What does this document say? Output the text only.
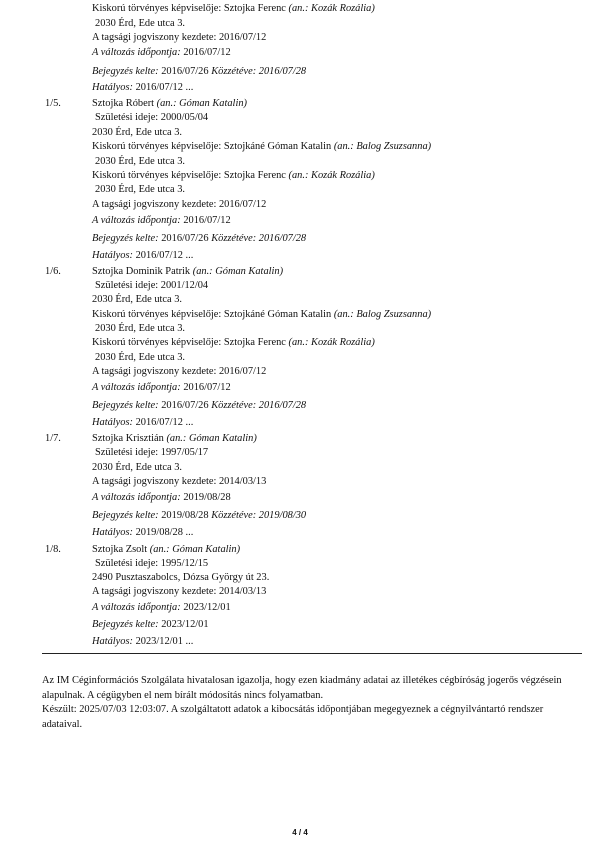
Kiskorú törvényes képviselője: Sztojka Ferenc (an.: Kozák Rozália)
2030 Érd, Ede utca 3.
A tagsági jogviszony kezdete: 2016/07/12
A változás időpontja: 2016/07/12
Bejegyzés kelte: 2016/07/26 Közzétéve: 2016/07/28
Hatályos: 2016/07/12 ...
1/5.	Sztojka Róbert (an.: Góman Katalin)
Születési ideje: 2000/05/04
2030 Érd, Ede utca 3.
Kiskorú törvényes képviselője: Sztojkáné Góman Katalin (an.: Balog Zsuzsanna)
2030 Érd, Ede utca 3.
Kiskorú törvényes képviselője: Sztojka Ferenc (an.: Kozák Rozália)
2030 Érd, Ede utca 3.
A tagsági jogviszony kezdete: 2016/07/12
A változás időpontja: 2016/07/12
Bejegyzés kelte: 2016/07/26 Közzétéve: 2016/07/28
Hatályos: 2016/07/12 ...
1/6.	Sztojka Dominik Patrik (an.: Góman Katalin)
Születési ideje: 2001/12/04
2030 Érd, Ede utca 3.
Kiskorú törvényes képviselője: Sztojkáné Góman Katalin (an.: Balog Zsuzsanna)
2030 Érd, Ede utca 3.
Kiskorú törvényes képviselője: Sztojka Ferenc (an.: Kozák Rozália)
2030 Érd, Ede utca 3.
A tagsági jogviszony kezdete: 2016/07/12
A változás időpontja: 2016/07/12
Bejegyzés kelte: 2016/07/26 Közzétéve: 2016/07/28
Hatályos: 2016/07/12 ...
1/7.	Sztojka Krisztián (an.: Góman Katalin)
Születési ideje: 1997/05/17
2030 Érd, Ede utca 3.
A tagsági jogviszony kezdete: 2014/03/13
A változás időpontja: 2019/08/28
Bejegyzés kelte: 2019/08/28 Közzétéve: 2019/08/30
Hatályos: 2019/08/28 ...
1/8.	Sztojka Zsolt (an.: Góman Katalin)
Születési ideje: 1995/12/15
2490 Pusztaszabolcs, Dózsa György út 23.
A tagsági jogviszony kezdete: 2014/03/13
A változás időpontja: 2023/12/01
Bejegyzés kelte: 2023/12/01
Hatályos: 2023/12/01 ...
Az IM Céginformációs Szolgálata hivatalosan igazolja, hogy ezen kiadmány adatai az illetékes cégbíróság jogerős végzésein alapulnak. A cégügyben el nem bírált módosítás nincs folyamatban.
Készült: 2025/07/03 12:03:07. A szolgáltatott adatok a kibocsátás időpontjában megegyeznek a cégnyilvántartó rendszer adataival.
4 / 4
